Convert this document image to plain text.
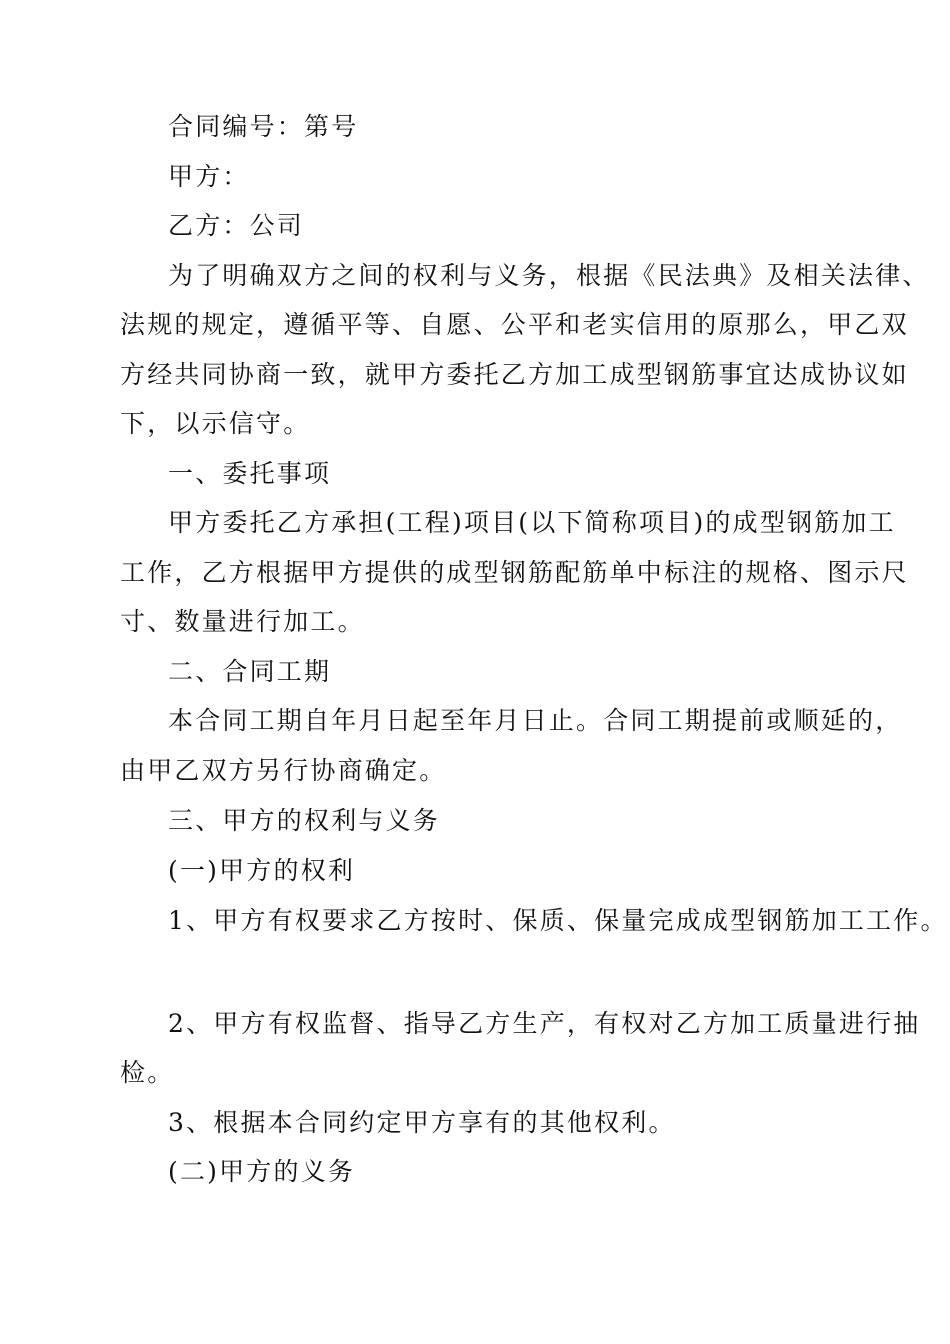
合同编号：第号
甲方：
乙方：公司
为了明确双方之间的权利与义务，根据《民法典》及相关法律、
法规的规定，遵循平等、自愿、公平和老实信用的原那么，甲乙双
方经共同协商一致，就甲方委托乙方加工成型钢筋事宜达成协议如
下，以示信守。
一、委托事项
甲方委托乙方承担(工程)项目(以下简称项目)的成型钢筋加工
工作，乙方根据甲方提供的成型钢筋配筋单中标注的规格、图示尺
寸、数量进行加工。
二、合同工期
本合同工期自年月日起至年月日止。合同工期提前或顺延的，
由甲乙双方另行协商确定。
三、甲方的权利与义务
(一)甲方的权利
1、甲方有权要求乙方按时、保质、保量完成成型钢筋加工工作。
2、甲方有权监督、指导乙方生产，有权对乙方加工质量进行抽
检。
3、根据本合同约定甲方享有的其他权利。
(二)甲方的义务
